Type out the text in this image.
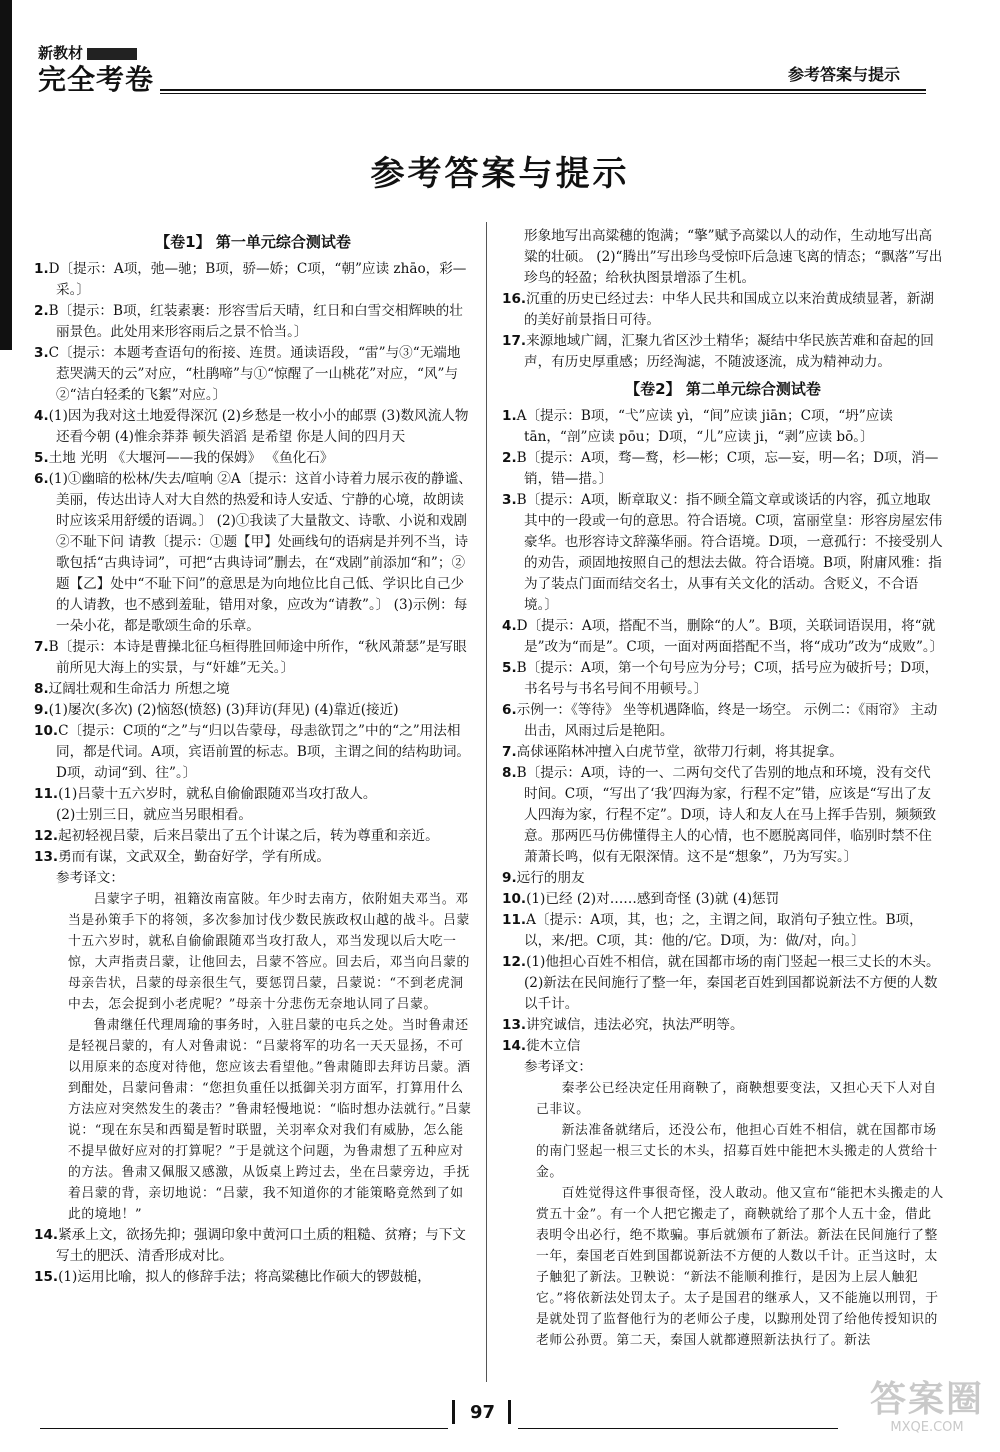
新教材
完全考卷	参考答案与提示
参考答案与提示
【卷1】 第一单元综合测试卷

1.D〔提示：A项，弛—驰；B项，骄—娇；C项，“朝”应读 zhāo，彩—采。〕

2.B〔提示：B项，红装素裹：形容雪后天晴，红日和白雪交相辉映的壮丽景色。此处用来形容雨后之景不恰当。〕

3.C〔提示：本题考查语句的衔接、连贯。通读语段，“雷”与③“无端地惹哭满天的云”对应，“杜鹃啼”与①“惊醒了一山桃花”对应，“风”与②“洁白轻柔的飞絮”对应。〕

4.(1)因为我对这土地爱得深沉 (2)乡愁是一枚小小的邮票 (3)数风流人物 还看今朝 (4)惟余莽莽 顿失滔滔 是希望 你是人间的四月天

5.土地 光明 《大堰河——我的保姆》 《鱼化石》

6.(1)①幽暗的松林/失去/喧响 ②A〔提示：这首小诗着力展示夜的静谧、美丽，传达出诗人对大自然的热爱和诗人安适、宁静的心境，故朗读时应该采用舒缓的语调。〕 (2)①我读了大量散文、诗歌、小说和戏剧 ②不耻下问 请教〔提示：①题【甲】处画线句的语病是并列不当，诗歌包括“古典诗词”，可把“古典诗词”删去，在“戏剧”前添加“和”；②题【乙】处中“不耻下问”的意思是为向地位比自己低、学识比自己少的人请教，也不感到羞耻，错用对象，应改为“请教”。〕 (3)示例：每一朵小花，都是歌颂生命的乐章。

7.B〔提示：本诗是曹操北征乌桓得胜回师途中所作，“秋风萧瑟”是写眼前所见大海上的实景，与“奸雄”无关。〕

8.辽阔壮观和生命活力 所想之境

9.(1)屡次(多次) (2)恼怒(愤怒) (3)拜访(拜见) (4)靠近(接近)

10.C〔提示：C项的“之”与“归以告蒙母，母恚欲罚之”中的“之”用法相同，都是代词。A项，宾语前置的标志。B项，主谓之间的结构助词。D项，动词“到、往”。〕

11.(1)吕蒙十五六岁时，就私自偷偷跟随邓当攻打敌人。

(2)士别三日，就应当另眼相看。

12.起初轻视吕蒙，后来吕蒙出了五个计谋之后，转为尊重和亲近。

13.勇而有谋，文武双全，勤奋好学，学有所成。

参考译文：

吕蒙字子明，祖籍汝南富陂。年少时去南方，依附姐夫邓当。邓当是孙策手下的将领，多次参加讨伐少数民族政权山越的战斗。吕蒙十五六岁时，就私自偷偷跟随邓当攻打敌人，邓当发现以后大吃一惊，大声指责吕蒙，让他回去，吕蒙不答应。回去后，邓当向吕蒙的母亲告状，吕蒙的母亲很生气，要惩罚吕蒙，吕蒙说：“不到老虎洞中去，怎会捉到小老虎呢？”母亲十分悲伤无奈地认同了吕蒙。

鲁肃继任代理周瑜的事务时，入驻吕蒙的屯兵之处。当时鲁肃还是轻视吕蒙的，有人对鲁肃说：“吕蒙将军的功名一天天显扬，不可以用原来的态度对待他，您应该去看望他。”鲁肃随即去拜访吕蒙。酒到酣处，吕蒙问鲁肃：“您担负重任以抵御关羽方面军，打算用什么方法应对突然发生的袭击？”鲁肃轻慢地说：“临时想办法就行。”吕蒙说：“现在东吴和西蜀是暂时联盟，关羽率众对我们有威胁，怎么能不提早做好应对的打算呢？”于是就这个问题，为鲁肃想了五种应对的方法。鲁肃又佩服又感激，从饭桌上跨过去，坐在吕蒙旁边，手抚着吕蒙的背，亲切地说：“吕蒙，我不知道你的才能策略竟然到了如此的境地！”

14.紧承上文，欲扬先抑；强调印象中黄河口土质的粗糙、贫瘠；与下文写土的肥沃、清香形成对比。

15.(1)运用比喻，拟人的修辞手法；将高粱穗比作硕大的锣鼓槌，

形象地写出高粱穗的饱满；“擎”赋予高粱以人的动作，生动地写出高粱的壮硕。 (2)“腾出”写出珍鸟受惊吓后急速飞离的情态；“飘落”写出珍鸟的轻盈；给秋执图景增添了生机。

16.沉重的历史已经过去：中华人民共和国成立以来治黄成绩显著，新湖的美好前景指日可待。

17.来源地域广阔，汇聚九省区沙土精华；凝结中华民族苦难和奋起的回声，有历史厚重感；历经淘滤，不随波逐流，成为精神动力。

【卷2】 第二单元综合测试卷

1.A〔提示：B项，“弋”应读 yì，“间”应读 jiān；C项，“坍”应读 tān，“剖”应读 pōu；D项，“儿”应读 ji，“剥”应读 bō。〕

2.B〔提示：A项，骛—鹜，杉—彬；C项，忘—妄，明—名；D项，消—销，错—措。〕

3.B〔提示：A项，断章取义：指不顾全篇文章或谈话的内容，孤立地取其中的一段或一句的意思。符合语境。C项，富丽堂皇：形容房屋宏伟豪华。也形容诗文辞藻华丽。符合语境。D项，一意孤行：不接受别人的劝告，顽固地按照自己的想法去做。符合语境。B项，附庸风雅：指为了装点门面而结交名士，从事有关文化的活动。含贬义，不合语境。〕

4.D〔提示：A项，搭配不当，删除“的人”。B项，关联词语误用，将“就是”改为“而是”。C项，一面对两面搭配不当，将“成功”改为“成败”。〕

5.B〔提示：A项，第一个句号应为分号；C项，括号应为破折号；D项，书名号与书名号间不用顿号。〕

6.示例一：《等待》 坐等机遇降临，终是一场空。 示例二：《雨帘》 主动出击，风雨过后是艳阳。

7.高俅诬陷林冲擅入白虎节堂，欲带刀行刺，将其捉拿。

8.B〔提示：A项，诗的一、二两句交代了告别的地点和环境，没有交代时间。C项，“写出了‘我’四海为家，行程不定”错，应该是“写出了友人四海为家，行程不定”。D项，诗人和友人在马上挥手告别，频频致意。那两匹马仿佛懂得主人的心情，也不愿脱离同伴，临别时禁不住萧萧长鸣，似有无限深情。这不是“想象”，乃为写实。〕

9.远行的朋友

10.(1)已经 (2)对……感到奇怪 (3)就 (4)惩罚

11.A〔提示：A项，其，也；之，主谓之间，取消句子独立性。B项，以，来/把。C项，其：他的/它。D项，为：做/对，向。〕

12.(1)他担心百姓不相信，就在国都市场的南门竖起一根三丈长的木头。 (2)新法在民间施行了整一年，秦国老百姓到国都说新法不方便的人数以千计。

13.讲究诚信，违法必究，执法严明等。

14.徙木立信

参考译文：

秦孝公已经决定任用商鞅了，商鞅想要变法，又担心天下人对自己非议。

新法准备就绪后，还没公布，他担心百姓不相信，就在国都市场的南门竖起一根三丈长的木头，招募百姓中能把木头搬走的人赏给十金。

百姓觉得这件事很奇怪，没人敢动。他又宣布“能把木头搬走的人赏五十金”。有一个人把它搬走了，商鞅就给了那个人五十金，借此表明令出必行，绝不欺骗。事后就颁布了新法。新法在民间施行了整一年，秦国老百姓到国都说新法不方便的人数以千计。正当这时，太子触犯了新法。卫鞅说：“新法不能顺利推行，是因为上层人触犯它。”将依新法处罚太子。太子是国君的继承人，又不能施以刑罚，于是就处罚了监督他行为的老师公子虔，以黥刑处罚了给他传授知识的老师公孙贾。第二天，秦国人就都遵照新法执行了。新法

97	答案圈
MXQE.COM
